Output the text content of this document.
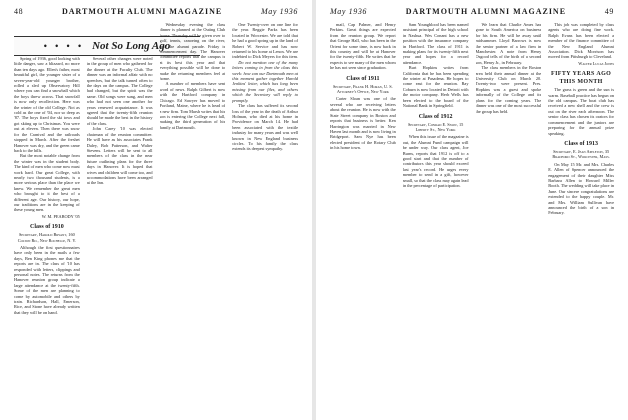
48	DARTMOUTH ALUMNI MAGAZINE	May 1936
• • • • Not So Long Ago

Spring of 1936, good looking with little danger, saw a blizzard, no more than ten days ago. Ellen's father, most beautiful girl, the younger sister of a seven-year-old younger brother, rolled a sled up Observatory Hill where you can find a snowball which the boys threw across. That snowfall is now only recollection. Here was the winter of the old College. Not as cold as the one of '04, nor so deep as '87. The boys fixed the ski tows and got skiing up to Christmas. You were out at eleven. Then there was snow for the Carnival and the railroads stopped in March. After the freshet Hanover was dry, and the green came back to the hills.

But the most notable change from the winter was in the student body. The kind of men who come now must work hard. Our great College, with nearly two thousand students, is a more serious place than the place we knew. We remember the great men who brought to it the best of a different age. Our history, our hope, our traditions are in the keeping of these young men.

W. M. PEABODY '05
Class of 1910
Secretary, Harold Bryant, 160 Colton Rd., New Rochelle, N. Y.

Although the first questionnaires have only been in the mails a few days, Ben King phones me that the reports are in. The class of '10 has responded with letters, clippings and personal notes. The returns from the Hanover reunion group indicate a large attendance at the twenty-fifth. Some of the men are planning to come by automobile and others by train. Richardson, Hall, Emerson, Rice, and Stone have already written that they will be on hand.

Several other changes were noted in the group of men who gathered for the dinner at the Faculty Club. The dinner was an informal affair with no speeches, but the talk turned often to the days on the campus. The College had changed, but the spirit was the same. Old songs were sung, and men who had not seen one another for years renewed acquaintance. It was agreed that the twenty-fifth reunion should be made the best in the history of the class.

John Carey '10 was elected chairman of the reunion committee. He will have as his associates Frank Daley, Bob Patterson, and Walter Stevens. Letters will be sent to all members of the class in the near future outlining plans for the three days in Hanover. It is hoped that wives and children will come too, and accommodations have been arranged at the Inn.

Wednesday evening the class dinner is planned at the Outing Club house. Thursday will be given over to golf, tennis, canoeing on the river, and the alumni parade. Friday is commencement day. The Hanover committee reports that the campus is at its best this year and that everything possible will be done to make the returning members feel at home.

A number of members have sent word of news. Ralph Gilbert is now with the Hartford company in Chicago. Ed Sawyer has moved to Portland, Maine, where he is head of a new firm. Tom Marsh writes that his son is entering the College next fall, making the third generation of his family at Dartmouth.

One Twenty-over on one line for the year. Reggie Parks has been located in Worcester. We are told that he had a good spring up in the land of Robert W. Service and has now returned to his home at Lenox. We are indebted to Dick Meyers for this item.

Do not mention one of the many letters coming in from the class this week: how can our Dartmouth men at this moment gather together Harold Jenkins' letter, which has long been missing from our files, and others which the Secretary will reply to promptly.

The class has suffered its second loss of the year in the death of Arthur Holman, who died at his home in Providence on March 14. He had been associated with the textile industry for many years and was well known in New England business circles. To his family the class extends its deepest sympathy.

May 1936	DARTMOUTH ALUMNI MAGAZINE	49

mail, Cap Palmer, and Henry Perkins. Great things are expected from the reunion group. We report that George Hall, who has been in the Orient for some time, is now back in this country and will be at Hanover for the twenty-fifth. He writes that he expects to see many of the men whom he has not seen since graduation.

Class of 1911
Secretary, Frank H. Horan, U. S. Attorney's Office, New York

Carter Sloan was one of the several who are receiving letters about the reunion. He is now with the State Street company in Boston and reports that business is better. Ken Harrington was married in New Haven last month and is now living in Bridgeport. Sam Nye has been elected president of the Rotary Club in his home town.

Sam Youngblood has been named assistant principal of the high school in Nashua. Wes Conant has a new position with the insurance company in Hartford. The class of 1911 is making plans for its twenty-fifth next year and hopes for a record attendance.

Burt Hopkins writes from California that he has been spending the winter at Pasadena. He hopes to come east for the reunion. Ray Coburn is now located in Detroit with the motor company. Herb Wells has been elected to the board of the National Bank in Springfield.

Class of 1912
Secretary, Conrad E. Snow, 15 Liberty St., New York

When this issue of the magazine is out, the Alumni Fund campaign will be under way. Our class agent, Joe Burns, reports that 1912 is off to a good start and that the number of contributors this year should exceed last year's record. He urges every member to send in a gift, however small, so that the class may again lead in the percentage of participation.

We learn that Charlie Ames has gone to South America on business for his firm. He will be away until midsummer. Lloyd Barrows is now the senior partner of a law firm in Manchester. A note from Henry Osgood tells of the birth of a second son, Henry Jr., in February.

The class members in the Boston area held their annual dinner at the University Club on March 20. Twenty-two were present. Pres. Hopkins was a guest and spoke informally of the College and its plans for the coming years. The dinner was one of the most successful the group has held.

This job was completed by class agents who are doing fine work. Ralph Evans has been elected a member of the finance committee of the New England Alumni Association. Dick Morrison has moved from Pittsburgh to Cleveland.

Walter Lucas Jones
FIFTY YEARS AGO THIS MONTH

The grass is green and the sun is warm. Baseball practice has begun on the old campus. The boat club has received a new shell and the crew is out on the river each afternoon. The senior class has chosen its orators for commencement and the juniors are preparing for the annual prize speaking.

Class of 1913
Secretary, E. Jean Appleton, 35 Bradford St., Worcester, Mass.

On May 15 Mr. and Mrs. Charles E. Allen of Spencer announced the engagement of their daughter Miss Barbara Allen to Howard Miller Booth. The wedding will take place in June. Our sincere congratulations are extended to the happy couple. Mr. and Mrs. William Sullivan have announced the birth of a son in February.
